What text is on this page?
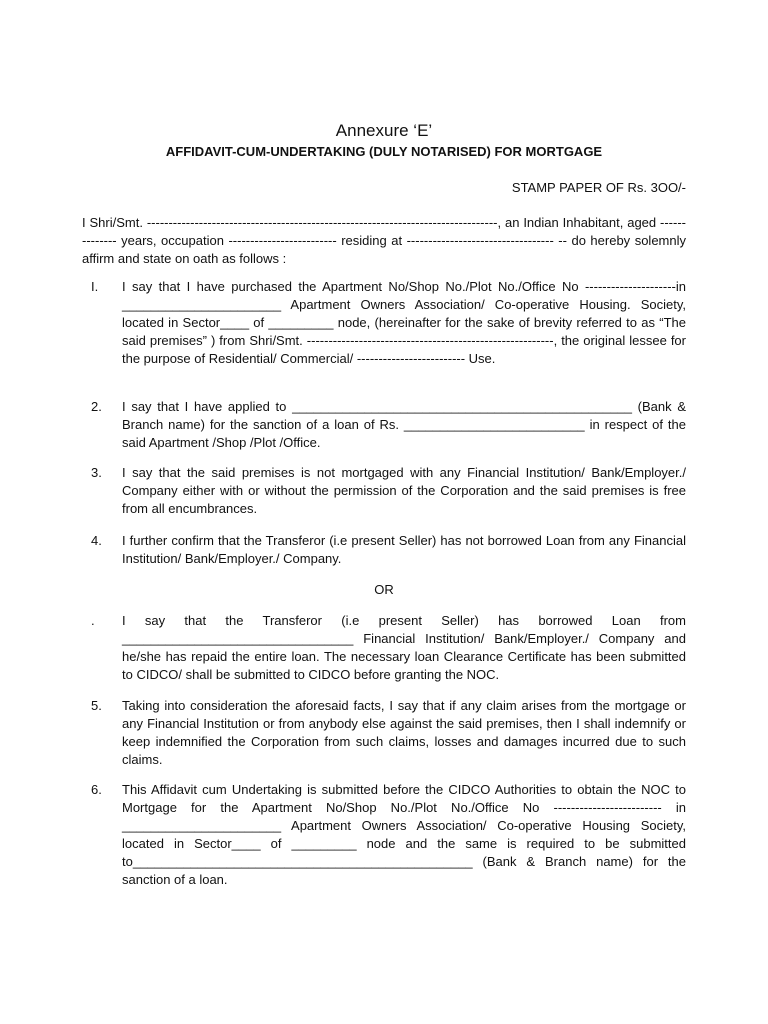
Annexure ‘E’
AFFIDAVIT-CUM-UNDERTAKING (DULY NOTARISED) FOR MORTGAGE
STAMP PAPER OF Rs. 3OO/-
I Shri/Smt. ---------------------------------------------------------------------------------, an Indian Inhabitant, aged -------------- years, occupation ------------------------- residing at ---------------------------------- -- do hereby solemnly affirm and state on oath as follows :
I. I say that I have purchased the Apartment No/Shop No./Plot No./Office No ---------------------in ______________________ Apartment Owners Association/ Co-operative Housing. Society, located in Sector____ of _________ node, (hereinafter for the sake of brevity referred to as “The said premises” ) from Shri/Smt. ---------------------------------------------------------, the original lessee for the purpose of Residential/ Commercial/ ------------------------- Use.
2. I say that I have applied to _______________________________________________ (Bank & Branch name) for the sanction of a loan of Rs. _________________________ in respect of the said Apartment /Shop /Plot /Office.
3. I say that the said premises is not mortgaged with any Financial Institution/ Bank/Employer./ Company either with or without the permission of the Corporation and the said premises is free from all encumbrances.
4. I further confirm that the Transferor (i.e present Seller) has not borrowed Loan from any Financial Institution/ Bank/Employer./ Company.
OR
. I say that the Transferor (i.e present Seller) has borrowed Loan from ________________________________ Financial Institution/ Bank/Employer./ Company and he/she has repaid the entire loan. The necessary loan Clearance Certificate has been submitted to CIDCO/ shall be submitted to CIDCO before granting the NOC.
5. Taking into consideration the aforesaid facts, I say that if any claim arises from the mortgage or any Financial Institution or from anybody else against the said premises, then I shall indemnify or keep indemnified the Corporation from such claims, losses and damages incurred due to such claims.
6. This Affidavit cum Undertaking is submitted before the CIDCO Authorities to obtain the NOC to Mortgage for the Apartment No/Shop No./Plot No./Office No ------------------------- in ______________________ Apartment Owners Association/ Co-operative Housing Society, located in Sector____ of _________ node and the same is required to be submitted to_______________________________________________ (Bank & Branch name) for the sanction of a loan.
